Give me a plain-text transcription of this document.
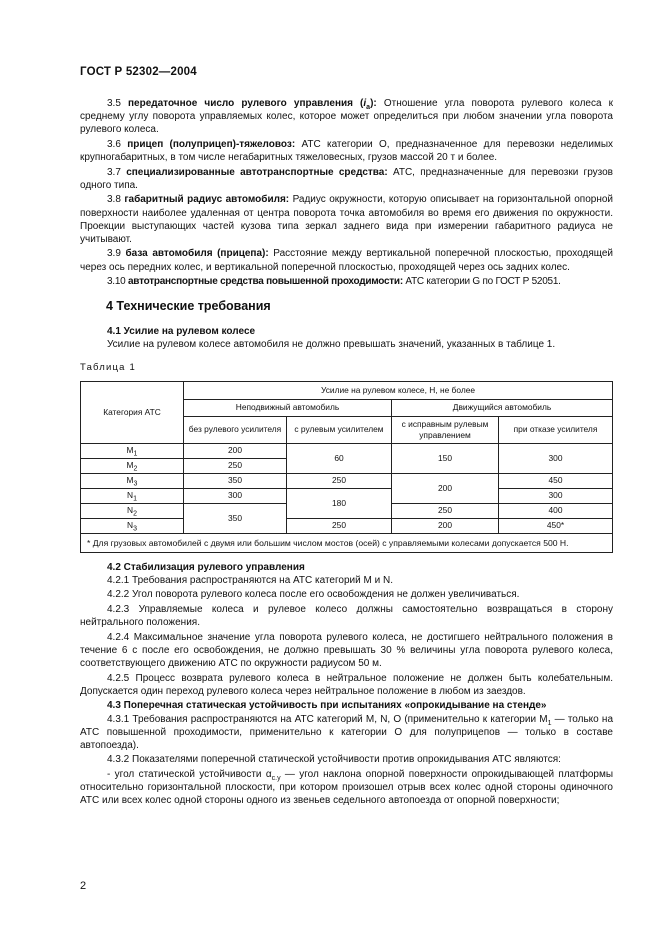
ГОСТ Р 52302—2004

3.5 передаточное число рулевого управления $(i_a)$: Отношение угла поворота рулевого колеса к среднему углу поворота управляемых колес, которое может определиться при любом значении угла поворота рулевого колеса.

3.6 прицеп (полуприцеп)-тяжеловоз: АТС категории О, предназначенное для перевозки неделимых крупногабаритных, в том числе негабаритных тяжеловесных, грузов массой 20 т и более.

3.7 специализированные автотранспортные средства: АТС, предназначенные для перевозки грузов одного типа.

3.8 габаритный радиус автомобиля: Радиус окружности, которую описывает на горизонтальной опорной поверхности наиболее удаленная от центра поворота точка автомобиля во время его движения по окружности. Проекции выступающих частей кузова типа зеркал заднего вида при измерении габаритного радиуса не учитывают.

3.9 база автомобиля (прицепа): Расстояние между вертикальной поперечной плоскостью, проходящей через ось передних колес, и вертикальной поперечной плоскостью, проходящей через ось задних колес.

3.10 автотранспортные средства повышенной проходимости: АТС категории G по ГОСТ Р 52051.

4 Технические требования

4.1 Усилие на рулевом колесе

Усилие на рулевом колесе автомобиля не должно превышать значений, указанных в таблице 1.

Таблица 1
Категория АТС	Усилие на рулевом колесе, Н, не более			
	Неподвижный автомобиль		Движущийся автомобиль	
	без рулевого усилителя	с рулевым усилителем	с исправным рулевым управлением	при отказе усилителя
$M_1$	200	60	150	300
$M_2$	250			
$M_3$	350	250	200	450
$N_1$	300	180		300
$N_2$	350		250	400
$N_3$		250	200	450*
* Для грузовых автомобилей с двумя или большим числом мостов (осей) с управляемыми колесами допускается 500 Н.				

4.2 Стабилизация рулевого управления

4.2.1 Требования распространяются на АТС категорий M и N.

4.2.2 Угол поворота рулевого колеса после его освобождения не должен увеличиваться.

4.2.3 Управляемые колеса и рулевое колесо должны самостоятельно возвращаться в сторону нейтрального положения.

4.2.4 Максимальное значение угла поворота рулевого колеса, не достигшего нейтрального положения в течение 6 с после его освобождения, не должно превышать 30 % величины угла поворота рулевого колеса, соответствующего движению АТС по окружности радиусом 50 м.

4.2.5 Процесс возврата рулевого колеса в нейтральное положение не должен быть колебательным. Допускается один переход рулевого колеса через нейтральное положение в любом из заездов.

4.3 Поперечная статическая устойчивость при испытаниях «опрокидывание на стенде»

4.3.1 Требования распространяются на АТС категорий M, N, O (применительно к категории $M_1$ — только на АТС повышенной проходимости, применительно к категории O для полуприцепов — только в составе автопоезда).

4.3.2 Показателями поперечной статической устойчивости против опрокидывания АТС являются:

- угол статической устойчивости $\alpha_{c.y}$ — угол наклона опорной поверхности опрокидывающей платформы относительно горизонтальной плоскости, при котором произошел отрыв всех колес одной стороны одиночного АТС или всех колес одной стороны одного из звеньев седельного автопоезда от опорной поверхности;

2
